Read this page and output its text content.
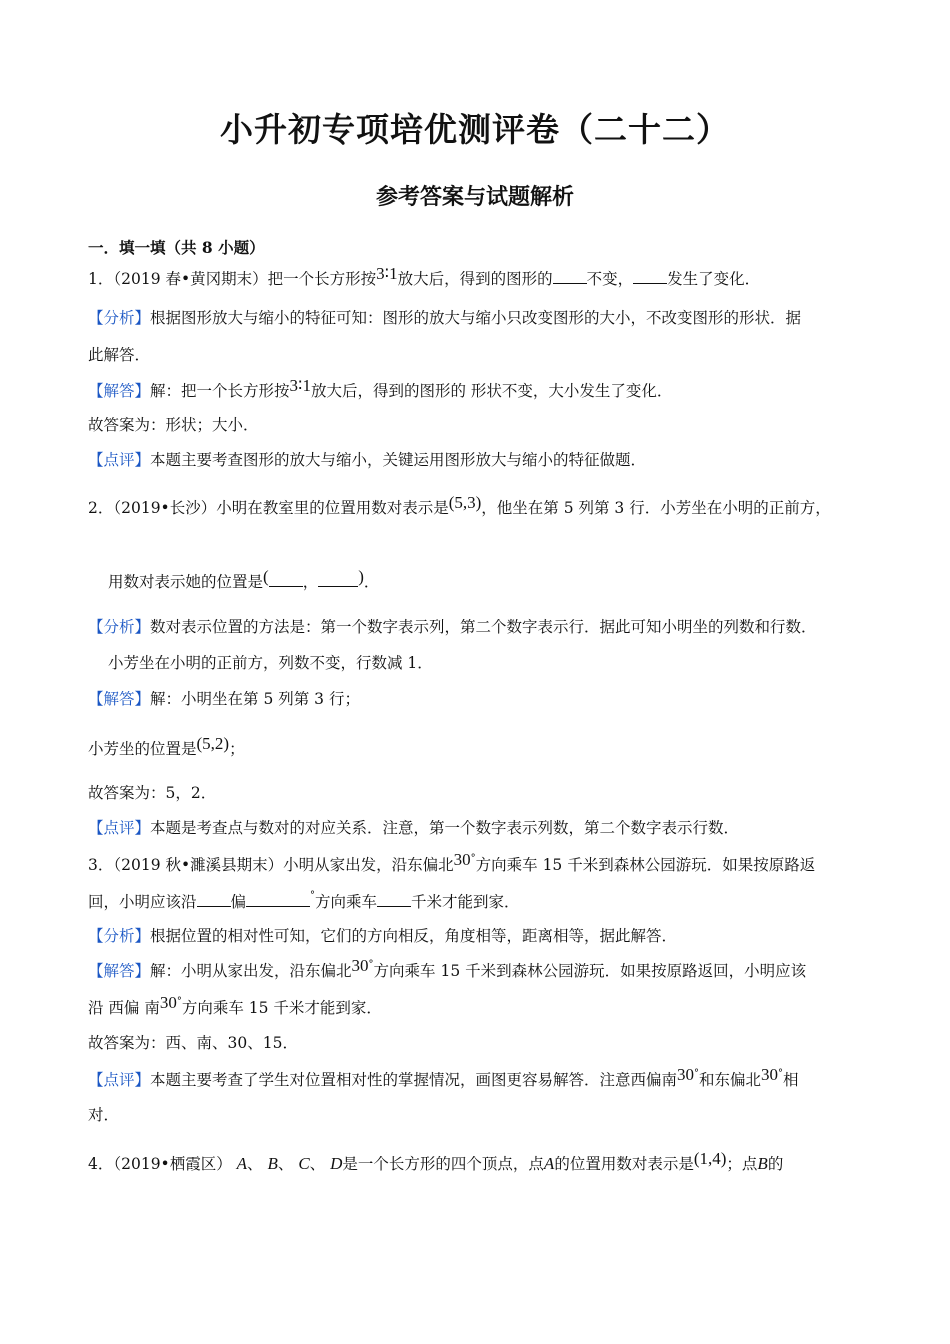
小升初专项培优测评卷（二十二）
参考答案与试题解析
一．填一填（共 8 小题）
1．（2019 春•黄冈期末）把一个长方形按3∶1放大后，得到的图形的 不变， 发生了变化．
【分析】根据图形放大与缩小的特征可知：图形的放大与缩小只改变图形的大小，不改变图形的形状．据
此解答．
【解答】解：把一个长方形按3∶1放大后，得到的图形的 形状不变，大小发生了变化．
故答案为：形状；大小．
【点评】本题主要考查图形的放大与缩小，关键运用图形放大与缩小的特征做题．
2．（2019•长沙）小明在教室里的位置用数对表示是(5,3)，他坐在第 5 列第 3 行．小芳坐在小明的正前方，
用数对表示她的位置是( ， )．
【分析】数对表示位置的方法是：第一个数字表示列，第二个数字表示行．据此可知小明坐的列数和行数．
小芳坐在小明的正前方，列数不变，行数减 1．
【解答】解：小明坐在第 5 列第 3 行；
小芳坐的位置是(5,2)；
故答案为：5，2．
【点评】本题是考查点与数对的对应关系．注意，第一个数字表示列数，第二个数字表示行数．
3．（2019 秋•濉溪县期末）小明从家出发，沿东偏北30°方向乘车 15 千米到森林公园游玩．如果按原路返
回，小明应该沿 偏	°方向乘车 千米才能到家．
【分析】根据位置的相对性可知，它们的方向相反，角度相等，距离相等，据此解答．
【解答】解：小明从家出发，沿东偏北30°方向乘车 15 千米到森林公园游玩．如果按原路返回，小明应该
沿 西偏 南30°方向乘车 15 千米才能到家．
故答案为：西、南、30、15．
【点评】本题主要考查了学生对位置相对性的掌握情况，画图更容易解答．注意西偏南30°和东偏北30°相
对．
4．（2019•栖霞区） A、 B、 C、 D是一个长方形的四个顶点，点A的位置用数对表示是(1,4)；点B的
